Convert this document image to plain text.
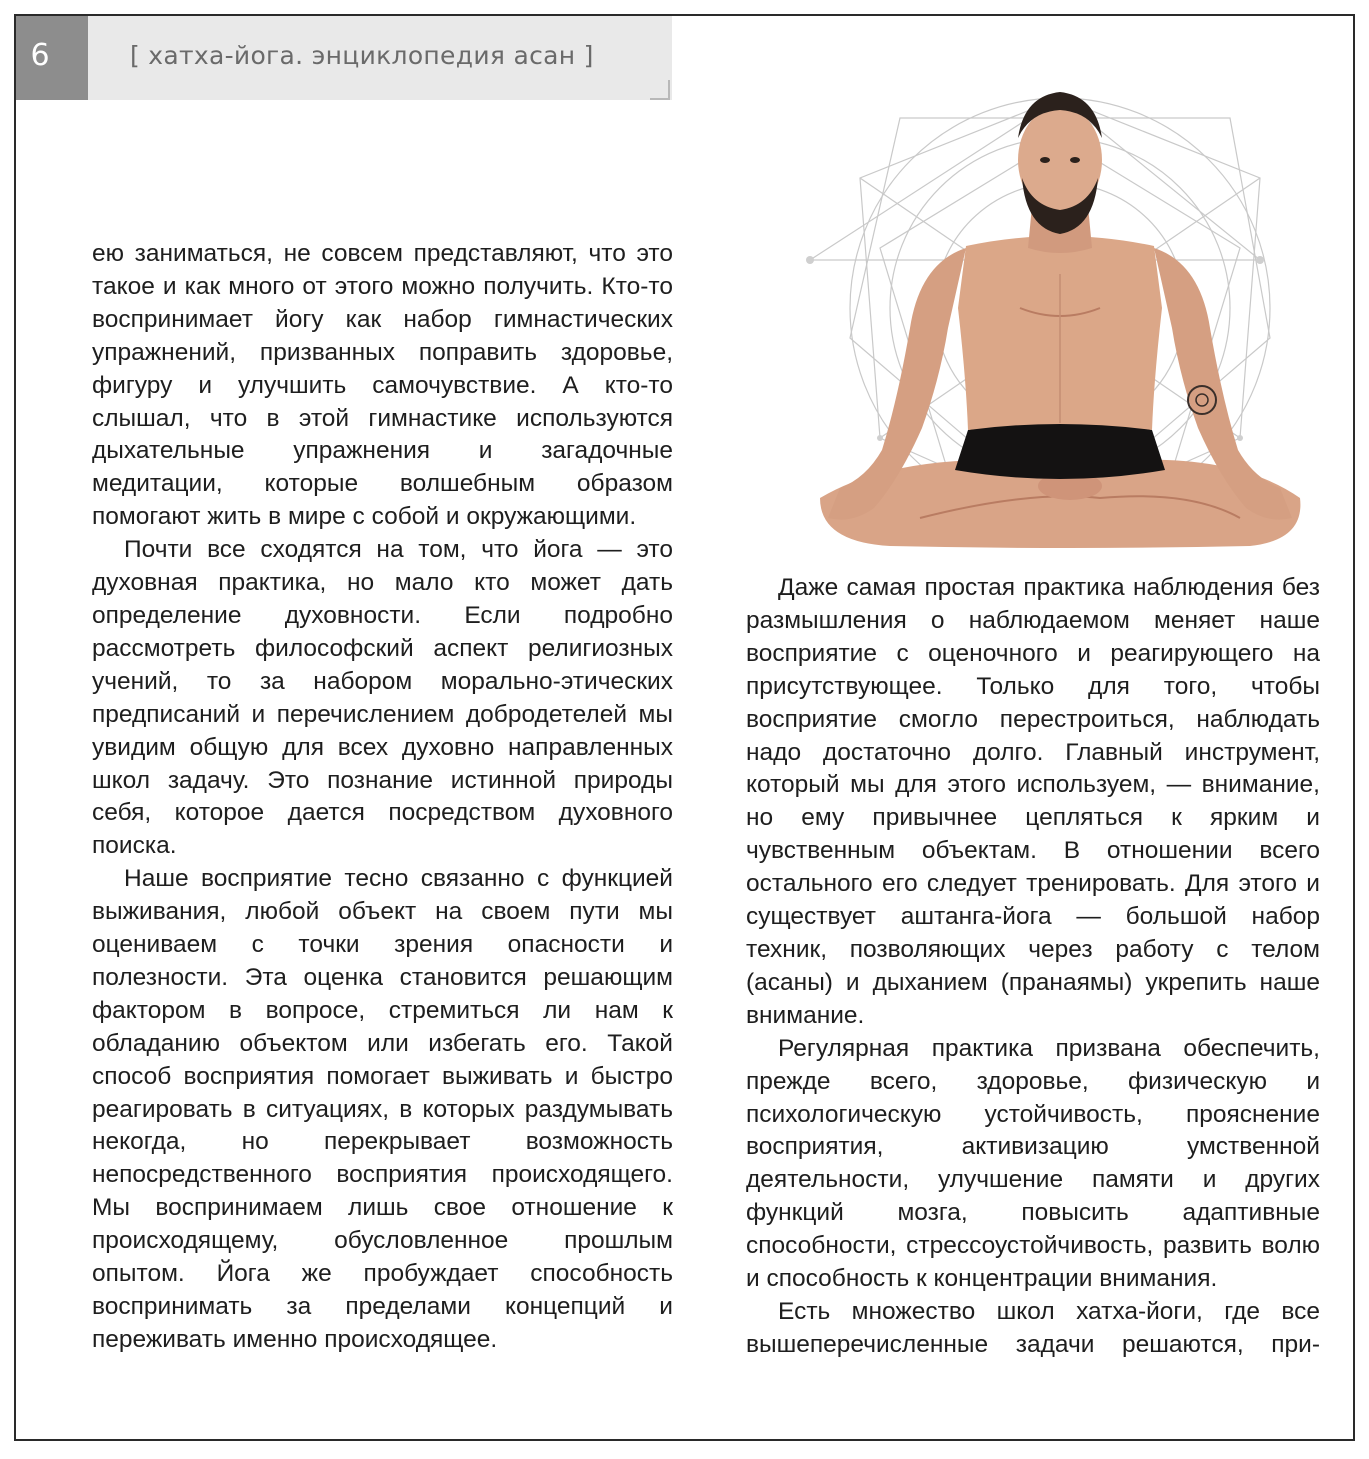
6	[ хатха-йога. энциклопедия асан ]

ею заниматься, не совсем представляют, что это такое и как много от этого можно получить. Кто-то воспринимает йогу как набор гимнастических упражнений, призванных поправить здоровье, фигуру и улучшить самочувствие. А кто-то слышал, что в этой гимнастике используются дыхательные упражнения и загадочные медитации, которые волшебным образом помогают жить в мире с собой и окружающими.

Почти все сходятся на том, что йога — это духовная практика, но мало кто может дать определение духовности. Если подробно рассмотреть философский аспект религиозных учений, то за набором морально-этических предписаний и перечислением добродетелей мы увидим общую для всех духовно направленных школ задачу. Это познание истинной природы себя, которое дается посредством духовного поиска.

Наше восприятие тесно связанно с функцией выживания, любой объект на своем пути мы оцениваем с точки зрения опасности и полезности. Эта оценка становится решающим фактором в вопросе, стремиться ли нам к обладанию объектом или избегать его. Такой способ восприятия помогает выживать и быстро реагировать в ситуациях, в которых раздумывать некогда, но перекрывает возможность непосредственного восприятия происходящего. Мы воспринимаем лишь свое отношение к происходящему, обусловленное прошлым опытом. Йога же пробуждает способность воспринимать за пределами концепций и переживать именно происходящее.

Даже самая простая практика наблюдения без размышления о наблюдаемом меняет наше восприятие с оценочного и реагирующего на присутствующее. Только для того, чтобы восприятие смогло перестроиться, наблюдать надо достаточно долго. Главный инструмент, который мы для этого используем, — внимание, но ему привычнее цепляться к ярким и чувственным объектам. В отношении всего остального его следует тренировать. Для этого и существует аштанга-йога — большой набор техник, позволяющих через работу с телом (асаны) и дыханием (пранаямы) укрепить наше внимание.

Регулярная практика призвана обеспечить, прежде всего, здоровье, физическую и психологическую устойчивость, прояснение восприятия, активизацию умственной деятельности, улучшение памяти и других функций мозга, повысить адаптивные способности, стрессоустойчивость, развить волю и способность к концентрации внимания.

Есть множество школ хатха-йоги, где все вышеперечисленные задачи решаются, при-
